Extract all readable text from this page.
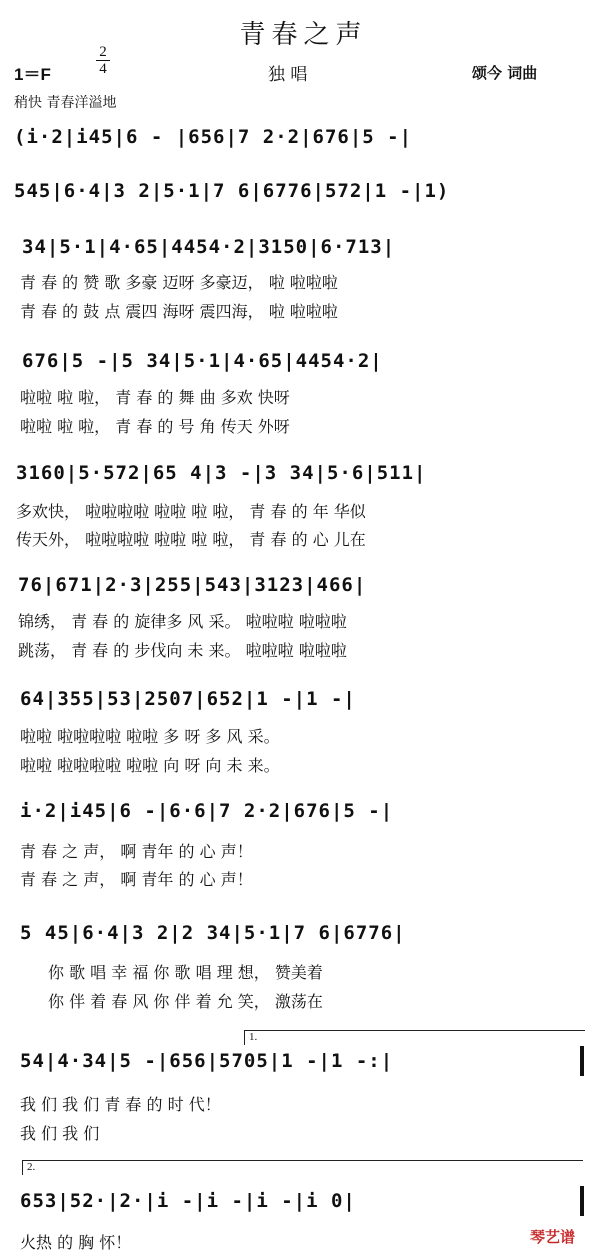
青春之声
1＝F
2
4	独 唱	颂今 词曲
稍快 青春洋溢地
(i·2|i45|6 - |656|7 2·2|676|5 -|
545|6·4|3 2|5·1|7 6|6776|572|1 -|1)
34|5·1|4·65|4454·2|3150|6·713|
青 春 的 赞 歌 多豪 迈呀 多豪迈， 啦 啦啦啦
青 春 的 鼓 点 震四 海呀 震四海， 啦 啦啦啦
676|5 -|5 34|5·1|4·65|4454·2|
啦啦 啦 啦， 青 春 的 舞 曲 多欢 快呀
啦啦 啦 啦， 青 春 的 号 角 传天 外呀
3160|5·572|65 4|3 -|3 34|5·6|511|
多欢快， 啦啦啦啦 啦啦 啦 啦， 青 春 的 年 华似
传天外， 啦啦啦啦 啦啦 啦 啦， 青 春 的 心 儿在
76|671|2·3|255|543|3123|466|
锦绣， 青 春 的 旋律多 风 采。 啦啦啦 啦啦啦
跳荡， 青 春 的 步伐向 未 来。 啦啦啦 啦啦啦
64|355|53|2507|652|1 -|1 -|
啦啦 啦啦啦啦 啦啦 多 呀 多 风 采。
啦啦 啦啦啦啦 啦啦 向 呀 向 未 来。
i·2|i45|6 -|6·6|7 2·2|676|5 -|
青 春 之 声， 啊 青年 的 心 声！
青 春 之 声， 啊 青年 的 心 声！
5 45|6·4|3 2|2 34|5·1|7 6|6776|
你 歌 唱 幸 福 你 歌 唱 理 想， 赞美着
你 伴 着 春 风 你 伴 着 允 笑， 激荡在
1.
54|4·34|5 -|656|5705|1 -|1 -:|
我 们 我 们 青 春 的 时 代！
我 们 我 们
2.
653|52·|2·|i -|i -|i -|i 0|
火热 的 胸 怀！	琴艺谱
